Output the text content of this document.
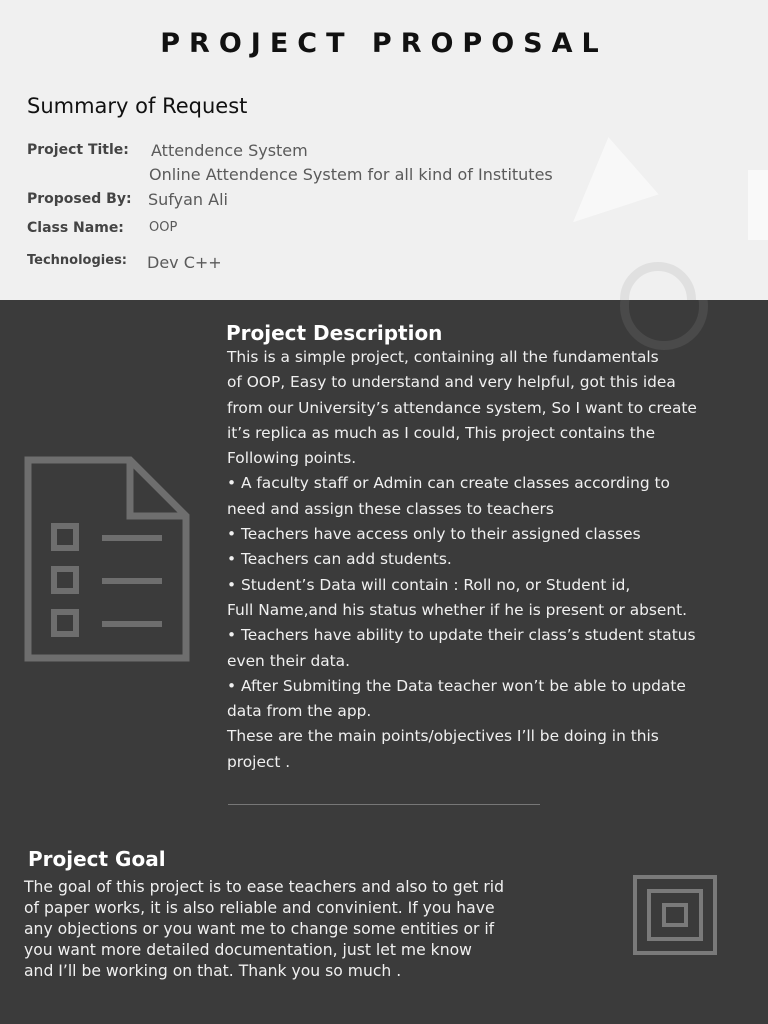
PROJECT PROPOSAL
Summary of Request
Project Title: Attendence System
Online Attendence System for all kind of Institutes
Proposed By: Sufyan Ali
Class Name: OOP
Technologies: Dev C++
Project Description
This is a simple project, containing all the fundamentals
of OOP, Easy to understand and very helpful, got this idea
from our University’s attendance system, So I want to create
it’s replica as much as I could, This project contains the
Following points.
• A faculty staff or Admin can create classes according to
need and assign these classes to teachers
• Teachers have access only to their assigned classes
• Teachers can add students.
• Student’s Data will contain : Roll no, or Student id,
Full Name,and his status whether if he is present or absent.
• Teachers have ability to update their class’s student status
even their data.
• After Submiting the Data teacher won’t be able to update
data from the app.
These are the main points/objectives I’ll be doing in this
project .
Project Goal
The goal of this project is to ease teachers and also to get rid
of paper works, it is also reliable and convinient. If you have
any objections or you want me to change some entities or if
you want more detailed documentation, just let me know
and I’ll be working on that. Thank you so much .
